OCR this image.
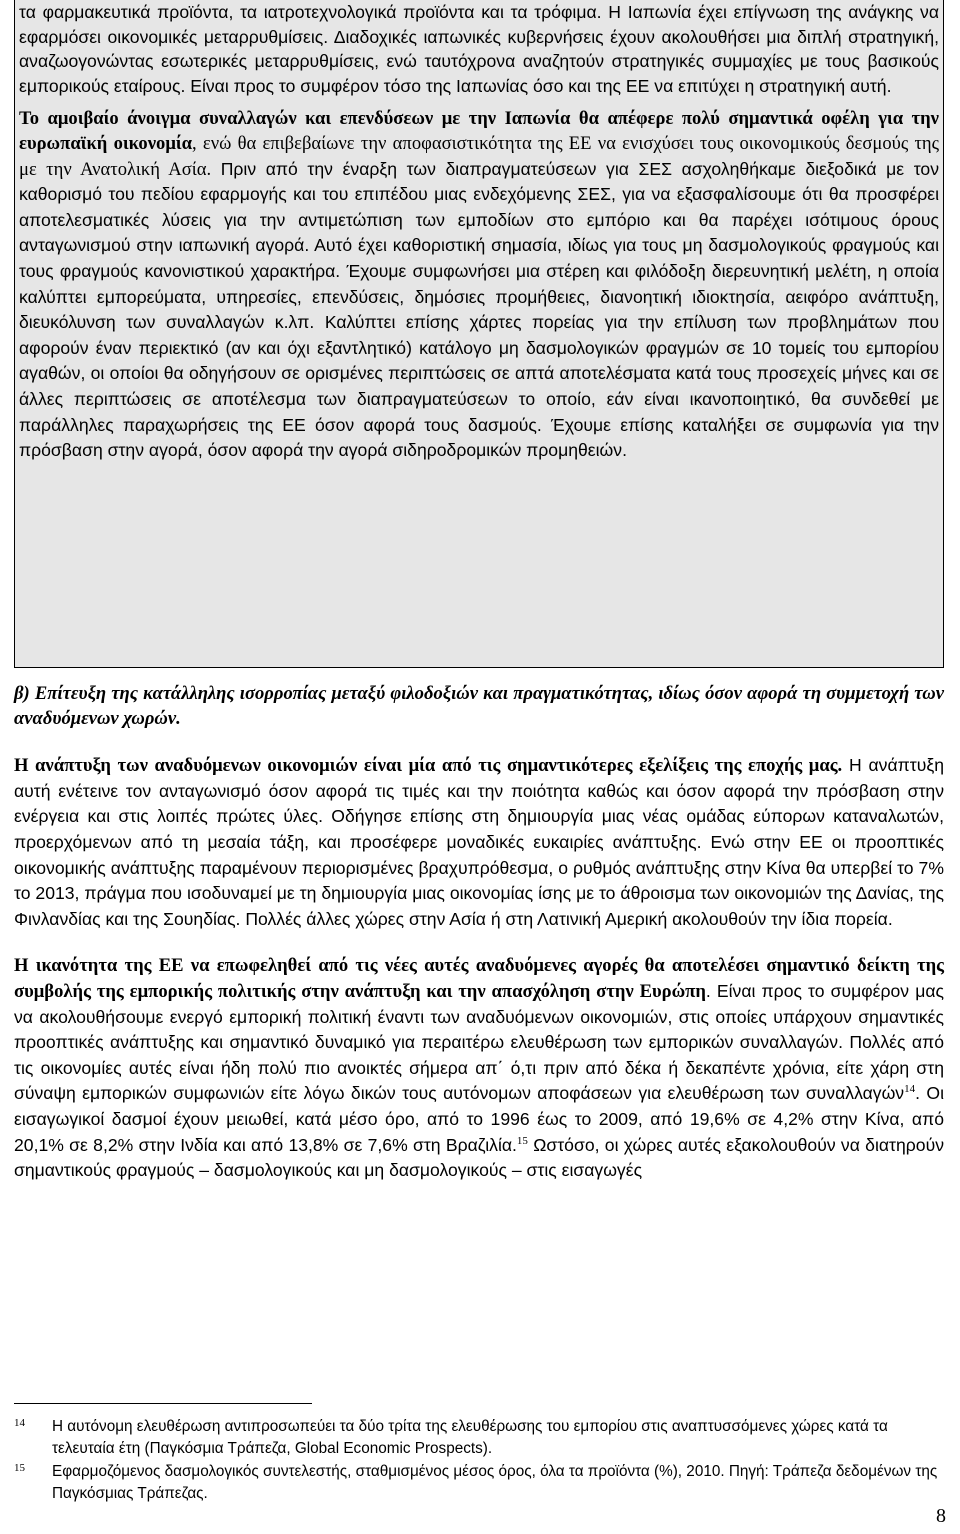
τα φαρμακευτικά προϊόντα, τα ιατροτεχνολογικά προϊόντα και τα τρόφιμα. Η Ιαπωνία έχει επίγνωση της ανάγκης να εφαρμόσει οικονομικές μεταρρυθμίσεις. Διαδοχικές ιαπωνικές κυβερνήσεις έχουν ακολουθήσει μια διπλή στρατηγική, αναζωογονώντας εσωτερικές μεταρρυθμίσεις, ενώ ταυτόχρονα αναζητούν στρατηγικές συμμαχίες με τους βασικούς εμπορικούς εταίρους. Είναι προς το συμφέρον τόσο της Ιαπωνίας όσο και της ΕΕ να επιτύχει η στρατηγική αυτή.

Το αμοιβαίο άνοιγμα συναλλαγών και επενδύσεων με την Ιαπωνία θα απέφερε πολύ σημαντικά οφέλη για την ευρωπαϊκή οικονομία, ενώ θα επιβεβαίωνε την αποφασιστικότητα της ΕΕ να ενισχύσει τους οικονομικούς δεσμούς της με την Ανατολική Ασία. Πριν από την έναρξη των διαπραγματεύσεων για ΣΕΣ ασχοληθήκαμε διεξοδικά με τον καθορισμό του πεδίου εφαρμογής και του επιπέδου μιας ενδεχόμενης ΣΕΣ, για να εξασφαλίσουμε ότι θα προσφέρει αποτελεσματικές λύσεις για την αντιμετώπιση των εμποδίων στο εμπόριο και θα παρέχει ισότιμους όρους ανταγωνισμού στην ιαπωνική αγορά. Αυτό έχει καθοριστική σημασία, ιδίως για τους μη δασμολογικούς φραγμούς και τους φραγμούς κανονιστικού χαρακτήρα. Έχουμε συμφωνήσει μια στέρεη και φιλόδοξη διερευνητική μελέτη, η οποία καλύπτει εμπορεύματα, υπηρεσίες, επενδύσεις, δημόσιες προμήθειες, διανοητική ιδιοκτησία, αειφόρο ανάπτυξη, διευκόλυνση των συναλλαγών κ.λπ. Καλύπτει επίσης χάρτες πορείας για την επίλυση των προβλημάτων που αφορούν έναν περιεκτικό (αν και όχι εξαντλητικό) κατάλογο μη δασμολογικών φραγμών σε 10 τομείς του εμπορίου αγαθών, οι οποίοι θα οδηγήσουν σε ορισμένες περιπτώσεις σε απτά αποτελέσματα κατά τους προσεχείς μήνες και σε άλλες περιπτώσεις σε αποτέλεσμα των διαπραγματεύσεων το οποίο, εάν είναι ικανοποιητικό, θα συνδεθεί με παράλληλες παραχωρήσεις της ΕΕ όσον αφορά τους δασμούς. Έχουμε επίσης καταλήξει σε συμφωνία για την πρόσβαση στην αγορά, όσον αφορά την αγορά σιδηροδρομικών προμηθειών.

β) Επίτευξη της κατάλληλης ισορροπίας μεταξύ φιλοδοξιών και πραγματικότητας, ιδίως όσον αφορά τη συμμετοχή των αναδυόμενων χωρών.

Η ανάπτυξη των αναδυόμενων οικονομιών είναι μία από τις σημαντικότερες εξελίξεις της εποχής μας. Η ανάπτυξη αυτή ενέτεινε τον ανταγωνισμό όσον αφορά τις τιμές και την ποιότητα καθώς και όσον αφορά την πρόσβαση στην ενέργεια και στις λοιπές πρώτες ύλες. Οδήγησε επίσης στη δημιουργία μιας νέας ομάδας εύπορων καταναλωτών, προερχόμενων από τη μεσαία τάξη, και προσέφερε μοναδικές ευκαιρίες ανάπτυξης. Ενώ στην ΕΕ οι προοπτικές οικονομικής ανάπτυξης παραμένουν περιορισμένες βραχυπρόθεσμα, ο ρυθμός ανάπτυξης στην Κίνα θα υπερβεί το 7% το 2013, πράγμα που ισοδυναμεί με τη δημιουργία μιας οικονομίας ίσης με το άθροισμα των οικονομιών της Δανίας, της Φινλανδίας και της Σουηδίας. Πολλές άλλες χώρες στην Ασία ή στη Λατινική Αμερική ακολουθούν την ίδια πορεία.

Η ικανότητα της ΕΕ να επωφεληθεί από τις νέες αυτές αναδυόμενες αγορές θα αποτελέσει σημαντικό δείκτη της συμβολής της εμπορικής πολιτικής στην ανάπτυξη και την απασχόληση στην Ευρώπη. Είναι προς το συμφέρον μας να ακολουθήσουμε ενεργό εμπορική πολιτική έναντι των αναδυόμενων οικονομιών, στις οποίες υπάρχουν σημαντικές προοπτικές ανάπτυξης και σημαντικό δυναμικό για περαιτέρω ελευθέρωση των εμπορικών συναλλαγών. Πολλές από τις οικονομίες αυτές είναι ήδη πολύ πιο ανοικτές σήμερα απ΄ ό,τι πριν από δέκα ή δεκαπέντε χρόνια, είτε χάρη στη σύναψη εμπορικών συμφωνιών είτε λόγω δικών τους αυτόνομων αποφάσεων για ελευθέρωση των συναλλαγών$^{14}$. Οι εισαγωγικοί δασμοί έχουν μειωθεί, κατά μέσο όρο, από το 1996 έως το 2009, από 19,6% σε 4,2% στην Κίνα, από 20,1% σε 8,2% στην Ινδία και από 13,8% σε 7,6% στη Βραζιλία.$^{15}$ Ωστόσο, οι χώρες αυτές εξακολουθούν να διατηρούν σημαντικούς φραγμούς – δασμολογικούς και μη δασμολογικούς – στις εισαγωγές

14 Η αυτόνομη ελευθέρωση αντιπροσωπεύει τα δύο τρίτα της ελευθέρωσης του εμπορίου στις αναπτυσσόμενες χώρες κατά τα τελευταία έτη (Παγκόσμια Τράπεζα, Global Economic Prospects).
15 Εφαρμοζόμενος δασμολογικός συντελεστής, σταθμισμένος μέσος όρος, όλα τα προϊόντα (%), 2010. Πηγή: Τράπεζα δεδομένων της Παγκόσμιας Τράπεζας.
8
